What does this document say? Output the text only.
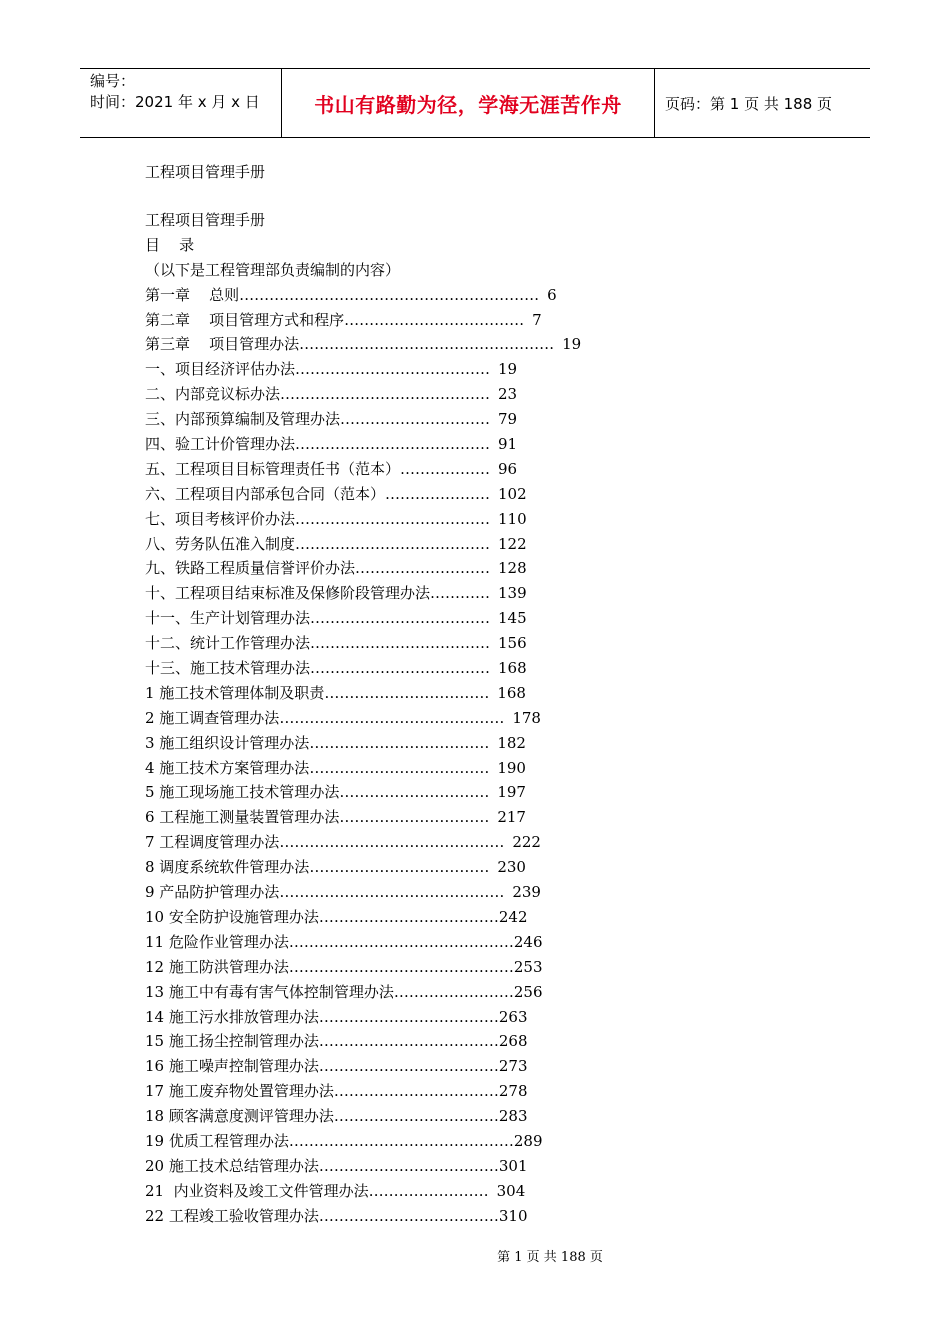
编号：
时间：2021 年 x 月 x 日	书山有路勤为径，学海无涯苦作舟	页码：第 1 页 共 188 页
工程项目管理手册
工程项目管理手册
目    录
（以下是工程管理部负责编制的内容）
第一章    总则 …………………………………………………… 6
第二章    项目管理方式和程序 ……………………………… 7
第三章    项目管理办法 …………………………………………… 19
一、项目经济评估办法 ………………………………… 19
二、内部竞议标办法 …………………………………… 23
三、内部预算编制及管理办法 ………………………… 79
四、验工计价管理办法 ………………………………… 91
五、工程项目目标管理责任书（范本） ……………… 96
六、工程项目内部承包合同（范本） ………………… 102
七、项目考核评价办法 ………………………………… 110
八、劳务队伍准入制度 ………………………………… 122
九、铁路工程质量信誉评价办法 ……………………… 128
十、工程项目结束标准及保修阶段管理办法 ………… 139
十一、生产计划管理办法 ……………………………… 145
十二、统计工作管理办法 ……………………………… 156
十三、施工技术管理办法 ……………………………… 168
1 施工技术管理体制及职责 …………………………… 168
2 施工调查管理办法 ……………………………………… 178
3 施工组织设计管理办法 ……………………………… 182
4 施工技术方案管理办法 ……………………………… 190
5 施工现场施工技术管理办法 ………………………… 197
6 工程施工测量装置管理办法 ………………………… 217
7 工程调度管理办法 ……………………………………… 222
8 调度系统软件管理办法 ……………………………… 230
9 产品防护管理办法 ……………………………………… 239
10 安全防护设施管理办法 ……………………………… 242
11 危险作业管理办法 ……………………………………… 246
12 施工防洪管理办法 ……………………………………… 253
13 施工中有毒有害气体控制管理办法 …………………… 256
14 施工污水排放管理办法 ……………………………… 263
15 施工扬尘控制管理办法 ……………………………… 268
16 施工噪声控制管理办法 ……………………………… 273
17 施工废弃物处置管理办法 …………………………… 278
18 顾客满意度测评管理办法 …………………………… 283
19 优质工程管理办法 ……………………………………… 289
20 施工技术总结管理办法 ……………………………… 301
21  内业资料及竣工文件管理办法 …………………… 304
22 工程竣工验收管理办法 ……………………………… 310
第 1 页 共 188 页
